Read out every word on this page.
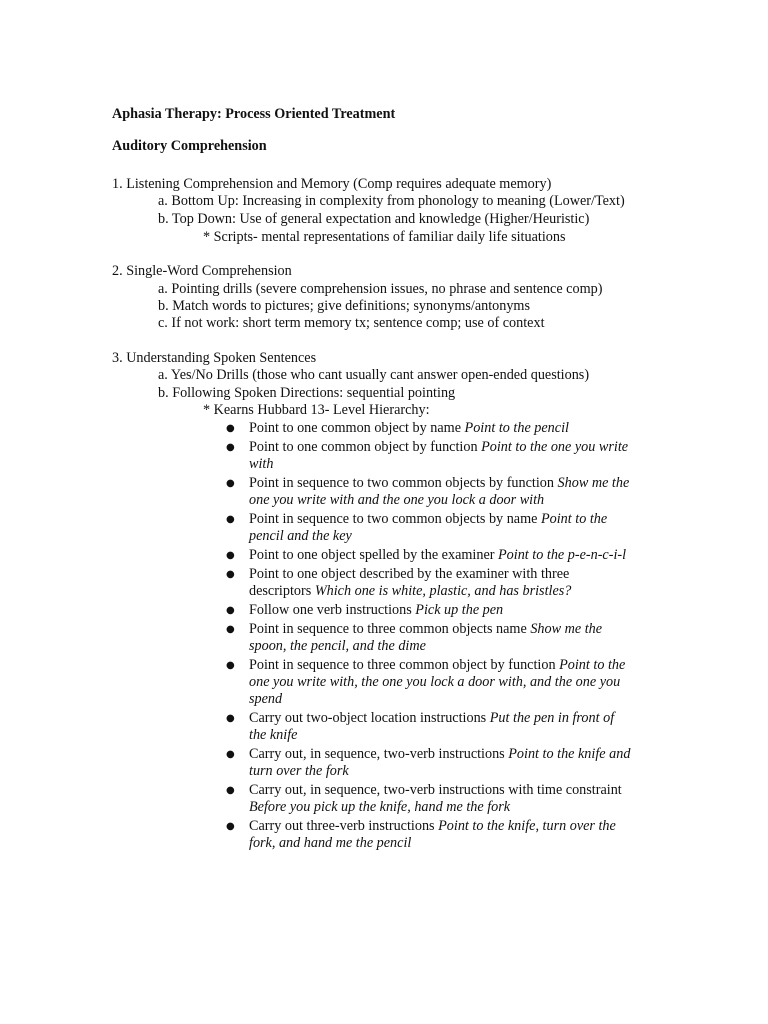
Aphasia Therapy: Process Oriented Treatment
Auditory Comprehension
1. Listening Comprehension and Memory (Comp requires adequate memory)
a. Bottom Up: Increasing in complexity from phonology to meaning (Lower/Text)
b. Top Down: Use of general expectation and knowledge (Higher/Heuristic)
* Scripts- mental representations of familiar daily life situations
2. Single-Word Comprehension
a. Pointing drills (severe comprehension issues, no phrase and sentence comp)
b. Match words to pictures; give definitions; synonyms/antonyms
c. If not work: short term memory tx; sentence comp; use of context
3. Understanding Spoken Sentences
a. Yes/No Drills (those who cant usually cant answer open-ended questions)
b. Following Spoken Directions: sequential pointing
* Kearns Hubbard 13- Level Hierarchy:
●
Point to one common object by name Point to the pencil
●
Point to one common object by function Point to the one you write
with
●
Point in sequence to two common objects by function Show me the
one you write with and the one you lock a door with
●
Point in sequence to two common objects by name Point to the
pencil and the key
●
Point to one object spelled by the examiner Point to the p-e-n-c-i-l
●
Point to one object described by the examiner with three
descriptors Which one is white, plastic, and has bristles?
●
Follow one verb instructions Pick up the pen
●
Point in sequence to three common objects name Show me the
spoon, the pencil, and the dime
●
Point in sequence to three common object by function Point to the
one you write with, the one you lock a door with, and the one you
spend
●
Carry out two-object location instructions Put the pen in front of
the knife
●
Carry out, in sequence, two-verb instructions Point to the knife and
turn over the fork
●
Carry out, in sequence, two-verb instructions with time constraint
Before you pick up the knife, hand me the fork
●
Carry out three-verb instructions Point to the knife, turn over the
fork, and hand me the pencil
